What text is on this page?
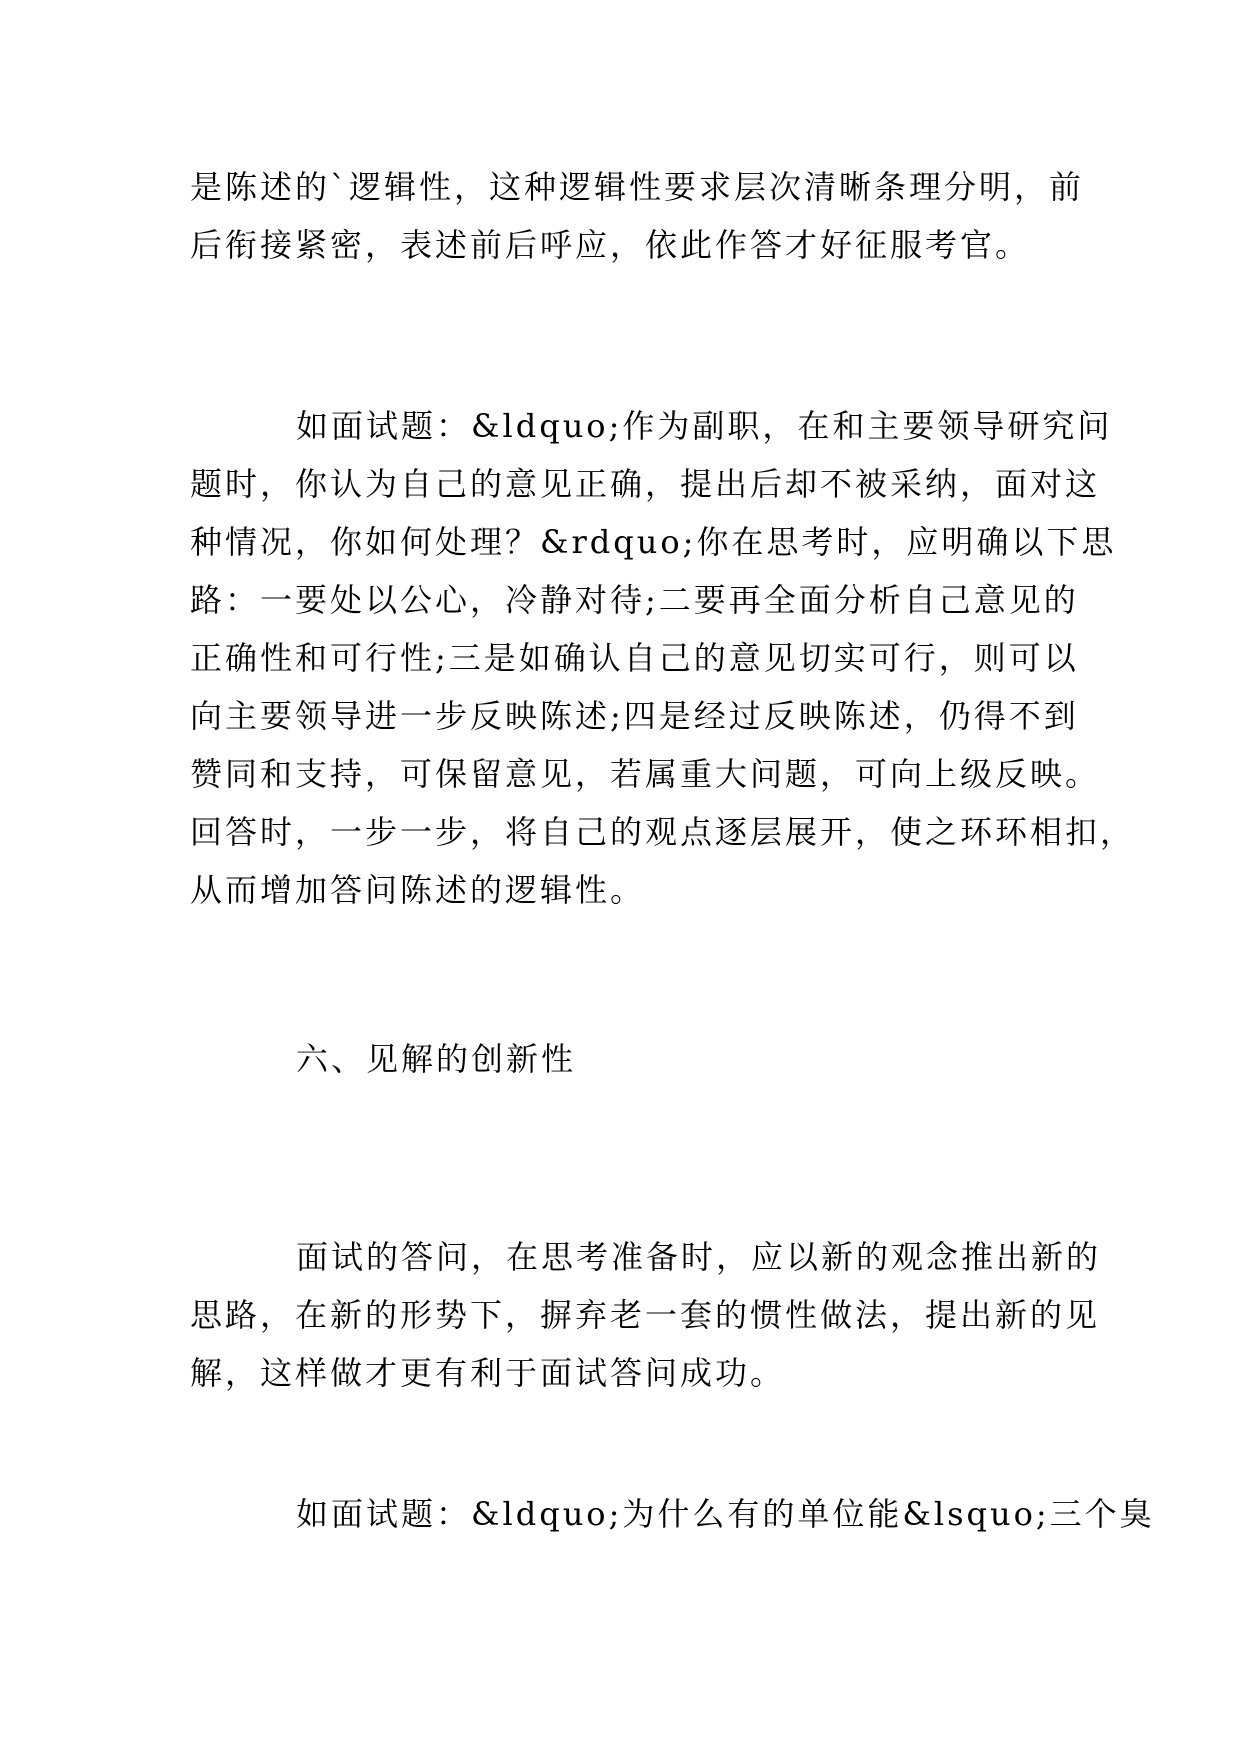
是陈述的`逻辑性，这种逻辑性要求层次清晰条理分明，前
后衔接紧密，表述前后呼应，依此作答才好征服考官。
如面试题：&ldquo;作为副职，在和主要领导研究问
题时，你认为自己的意见正确，提出后却不被采纳，面对这
种情况，你如何处理？&rdquo;你在思考时，应明确以下思
路：一要处以公心，冷静对待;二要再全面分析自己意见的
正确性和可行性;三是如确认自己的意见切实可行，则可以
向主要领导进一步反映陈述;四是经过反映陈述，仍得不到
赞同和支持，可保留意见，若属重大问题，可向上级反映。
回答时，一步一步，将自己的观点逐层展开，使之环环相扣，
从而增加答问陈述的逻辑性。
六、见解的创新性
面试的答问，在思考准备时，应以新的观念推出新的
思路，在新的形势下，摒弃老一套的惯性做法，提出新的见
解，这样做才更有利于面试答问成功。
如面试题：&ldquo;为什么有的单位能&lsquo;三个臭
